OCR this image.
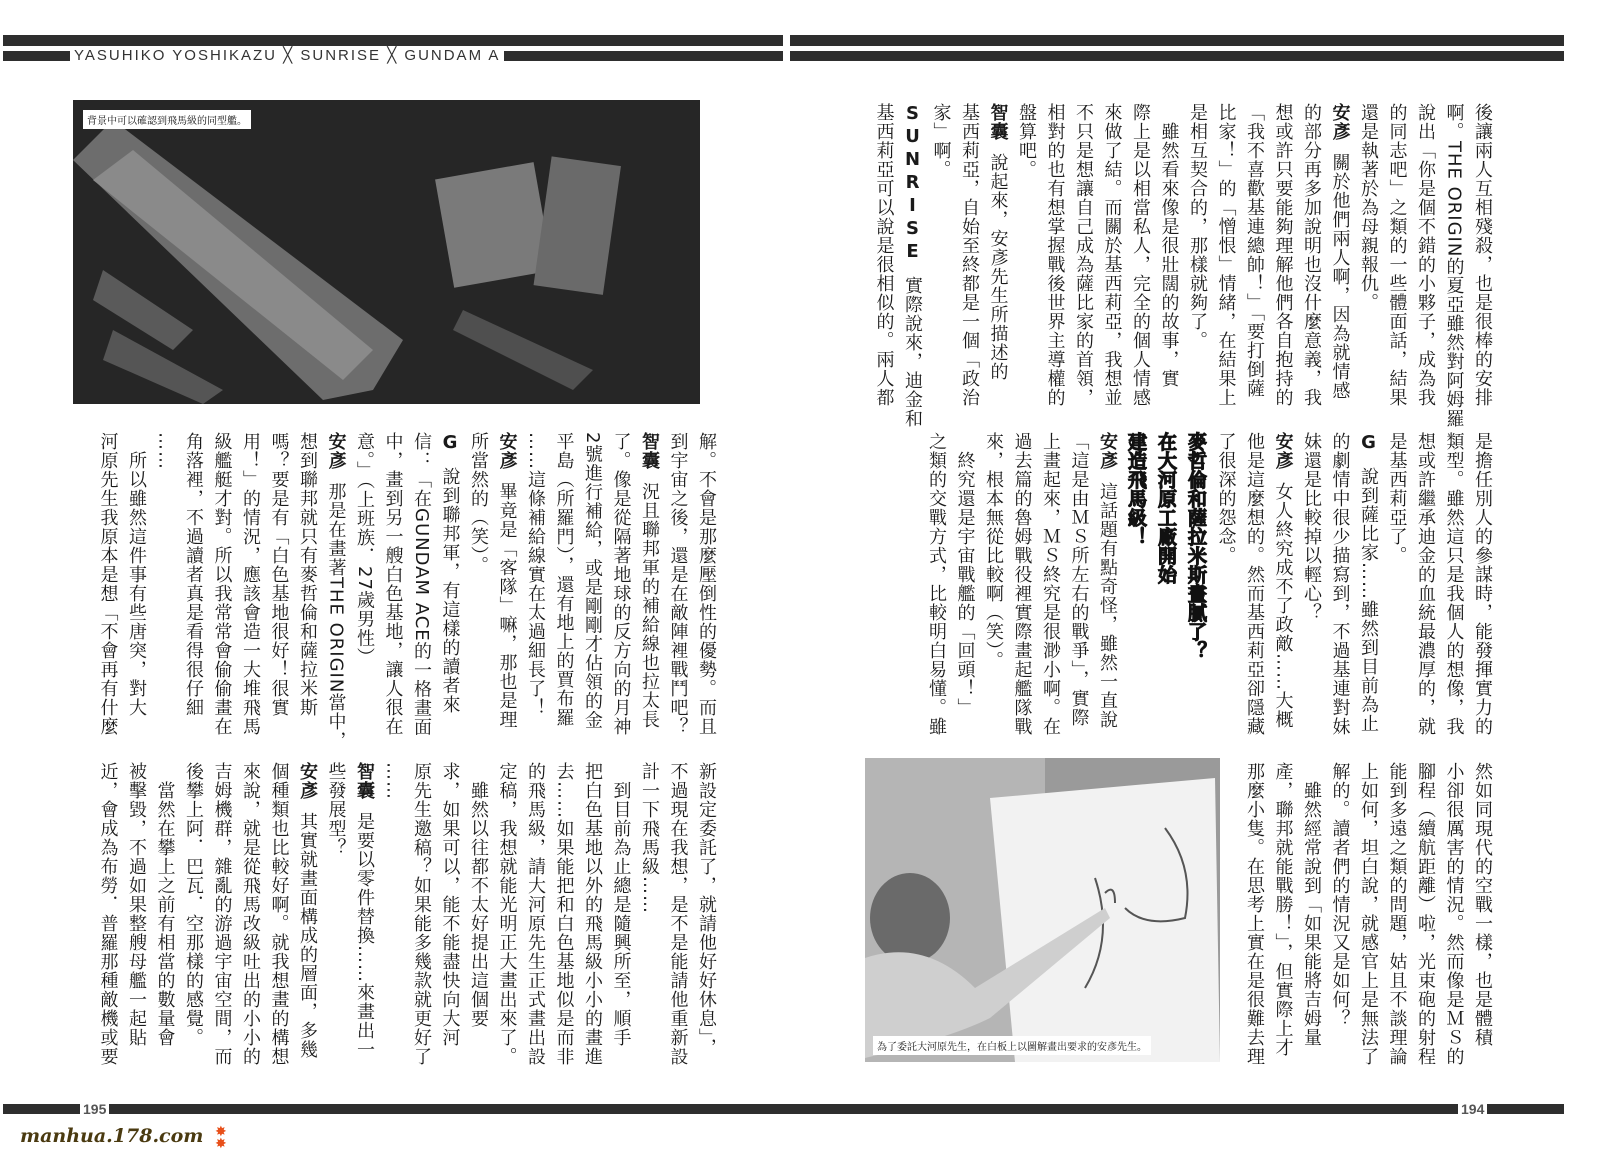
YASUHIKO YOSHIKAZU ╳ SUNRISE ╳ GUNDAM A
背景中可以確認到飛馬級的同型艦。
為了委託大河原先生，在白板上以圖解畫出要求的安彥先生。
後讓兩人互相殘殺，也是很棒的安排
啊。THE ORIGIN的夏亞雖然對阿姆羅
說出「你是個不錯的小夥子，成為我
的同志吧」之類的一些體面話，結果
還是執著於為母親報仇。
安彥關於他們兩人啊，因為就情感
的部分再多加說明也沒什麼意義，我
想或許只要能夠理解他們各自抱持的
「我不喜歡基連總帥！」「要打倒薩
比家！」的「憎恨」情緒，在結果上
是相互契合的，那樣就夠了。
　雖然看來像是很壯闊的故事，實
際上是以相當私人，完全的個人情感
來做了結。而關於基西莉亞，我想並
不只是想讓自己成為薩比家的首領，
相對的也有想掌握戰後世界主導權的
盤算吧。
智囊說起來，安彥先生所描述的
基西莉亞，自始至終都是一個「政治
家」啊。
SUNRISE實際說來，迪金和
基西莉亞可以說是很相似的。兩人都
是擔任別人的參謀時，能發揮實力的
類型。雖然這只是我個人的想像，我
想或許繼承迪金的血統最濃厚的，就
是基西莉亞了。
G說到薩比家……雖然到目前為止
的劇情中很少描寫到，不過基連對妹
妹還是比較掉以輕心？
安彥女人終究成不了政敵……大概
他是這麼想的。然而基西莉亞卻隱藏
了很深的怨念。
麥哲倫和薩拉米斯畫膩了？
在大河原工廠開始
建造飛馬級！
安彥這話題有點奇怪，雖然一直說
「這是由ＭＳ所左右的戰爭」，實際
上畫起來，ＭＳ終究是很渺小啊。在
過去篇的魯姆戰役裡實際畫起艦隊戰
來，根本無從比較啊（笑）。
　終究還是宇宙戰艦的「回頭！」
之類的交戰方式，比較明白易懂。雖
然如同現代的空戰一樣，也是體積
小卻很厲害的情況。然而像是ＭＳ的
腳程（續航距離）啦，光束砲的射程
能到多遠之類的問題，姑且不談理論
上如何，坦白說，就感官上是無法了
解的。讀者們的情況又是如何？
　雖然經常說到「如果能將吉姆量
產，聯邦就能戰勝！」，但實際上才
那麼小隻。在思考上實在是很難去理
解。不會是那麼壓倒性的優勢。而且
到宇宙之後，還是在敵陣裡戰鬥吧？
智囊況且聯邦軍的補給線也拉太長
了。像是從隔著地球的反方向的月神
2號進行補給，或是剛剛才佔領的金
平島（所羅門），還有地上的賈布羅
……這條補給線實在太過細長了！
安彥畢竟是「客隊」嘛，那也是理
所當然的（笑）。
G說到聯邦軍，有這樣的讀者來
信：「在GUNDAM ACE的一格畫面
中，畫到另一艘白色基地，讓人很在
意。」（上班族．27歲男性）
安彥那是在畫著THE ORIGIN當中，
想到聯邦就只有麥哲倫和薩拉米斯
嗎？要是有「白色基地很好！很實
用！」的情況，應該會造一大堆飛馬
級艦艇才對。所以我常常會偷偷畫在
角落裡，不過讀者真是看得很仔細
……
　所以雖然這件事有些唐突，對大
河原先生我原本是想「不會再有什麼
新設定委託了，就請他好好休息」，
不過現在我想，是不是能請他重新設
計一下飛馬級……
　到目前為止總是隨興所至，順手
把白色基地以外的飛馬級小小的畫進
去……如果能把和白色基地似是而非
的飛馬級，請大河原先生正式畫出設
定稿，我想就能光明正大畫出來了。
　雖然以往都不太好提出這個要
求，如果可以，能不能盡快向大河
原先生邀稿？如果能多幾款就更好了
……
智囊是要以零件替換……來畫出一
些發展型？
安彥其實就畫面構成的層面，多幾
個種類也比較好啊。就我想畫的構想
來說，就是從飛馬改級吐出的小小的
吉姆機群，雜亂的游過宇宙空間，而
後攀上阿．巴瓦．空那樣的感覺。
　當然在攀上之前有相當的數量會
被擊毀，不過如果整艘母艦一起貼
近，會成為布勞．普羅那種敵機或要
195	194
manhua.178.com ✸
✸
